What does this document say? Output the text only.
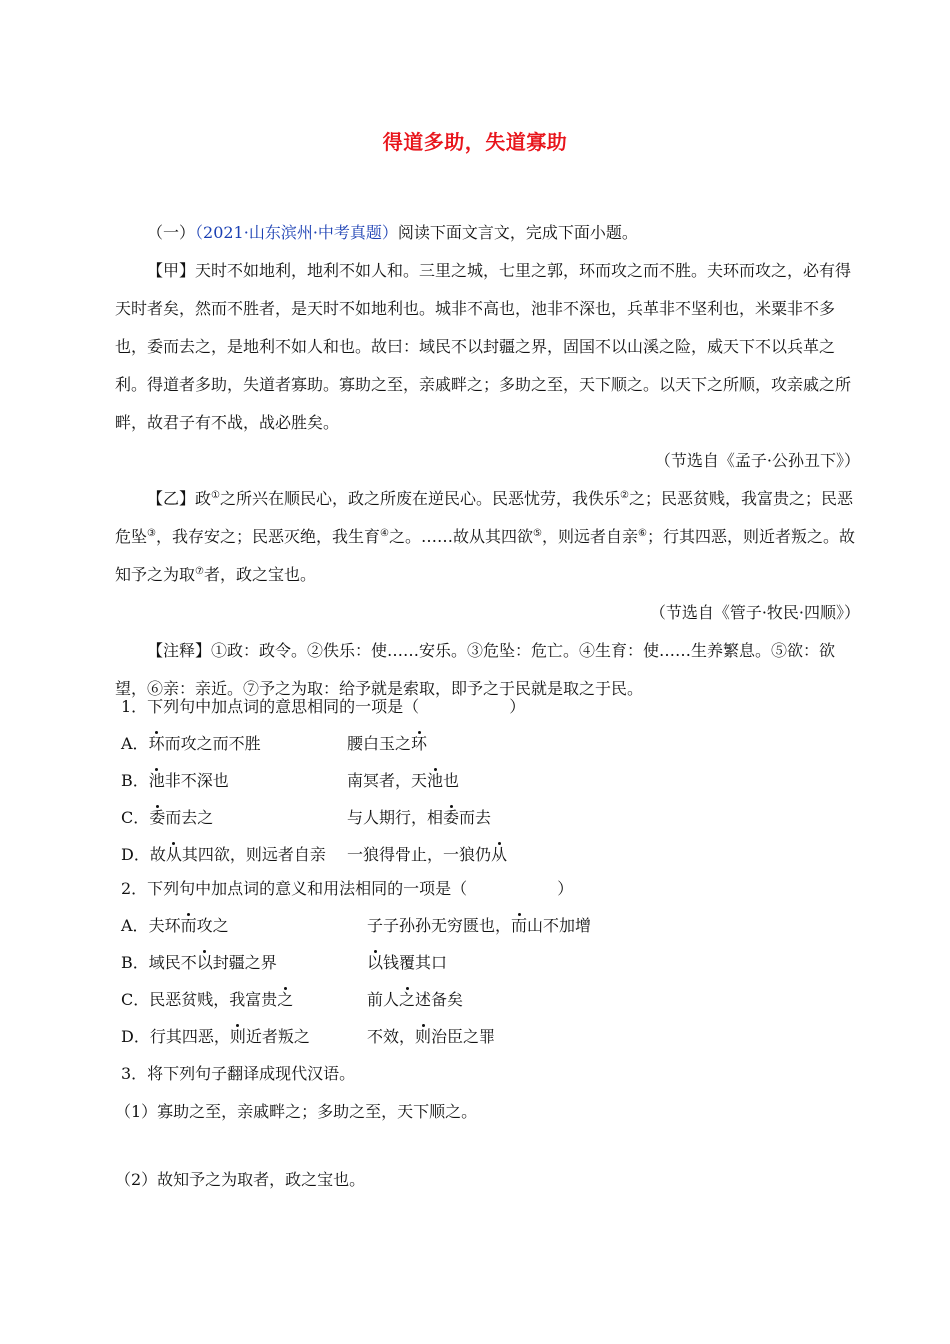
得道多助，失道寡助

（一）（2021·山东滨州·中考真题）阅读下面文言文，完成下面小题。

【甲】天时不如地利，地利不如人和。三里之城，七里之郭，环而攻之而不胜。夫环而攻之，必有得天时者矣，然而不胜者，是天时不如地利也。城非不高也，池非不深也，兵革非不坚利也，米粟非不多也，委而去之，是地利不如人和也。故曰：域民不以封疆之界，固国不以山溪之险，威天下不以兵革之利。得道者多助，失道者寡助。寡助之至，亲戚畔之；多助之至，天下顺之。以天下之所顺，攻亲戚之所畔，故君子有不战，战必胜矣。

（节选自《孟子·公孙丑下》）

【乙】政①之所兴在顺民心，政之所废在逆民心。民恶忧劳，我佚乐②之；民恶贫贱，我富贵之；民恶危坠③，我存安之；民恶灭绝，我生育④之。……故从其四欲⑤，则远者自亲⑥；行其四恶，则近者叛之。故知予之为取⑦者，政之宝也。

（节选自《管子·牧民·四顺》）

【注释】①政：政令。②佚乐：使……安乐。③危坠：危亡。④生育：使……生养繁息。⑤欲：欲望，⑥亲：亲近。⑦予之为取：给予就是索取，即予之于民就是取之于民。

1．下列句中加点词的意思相同的一项是（	）

A．环而攻之而不胜	腰白玉之环
B．池非不深也	南冥者，天池也
C．委而去之	与人期行，相委而去
D．故从其四欲，则远者自亲	一狼得骨止，一狼仍从

2．下列句中加点词的意义和用法相同的一项是（	）

A．夫环而攻之	子子孙孙无穷匮也，而山不加增
B．域民不以封疆之界	以钱覆其口
C．民恶贫贱，我富贵之	前人之述备矣
D．行其四恶，则近者叛之	不效，则治臣之罪

3．将下列句子翻译成现代汉语。

（1）寡助之至，亲戚畔之；多助之至，天下顺之。

（2）故知予之为取者，政之宝也。
